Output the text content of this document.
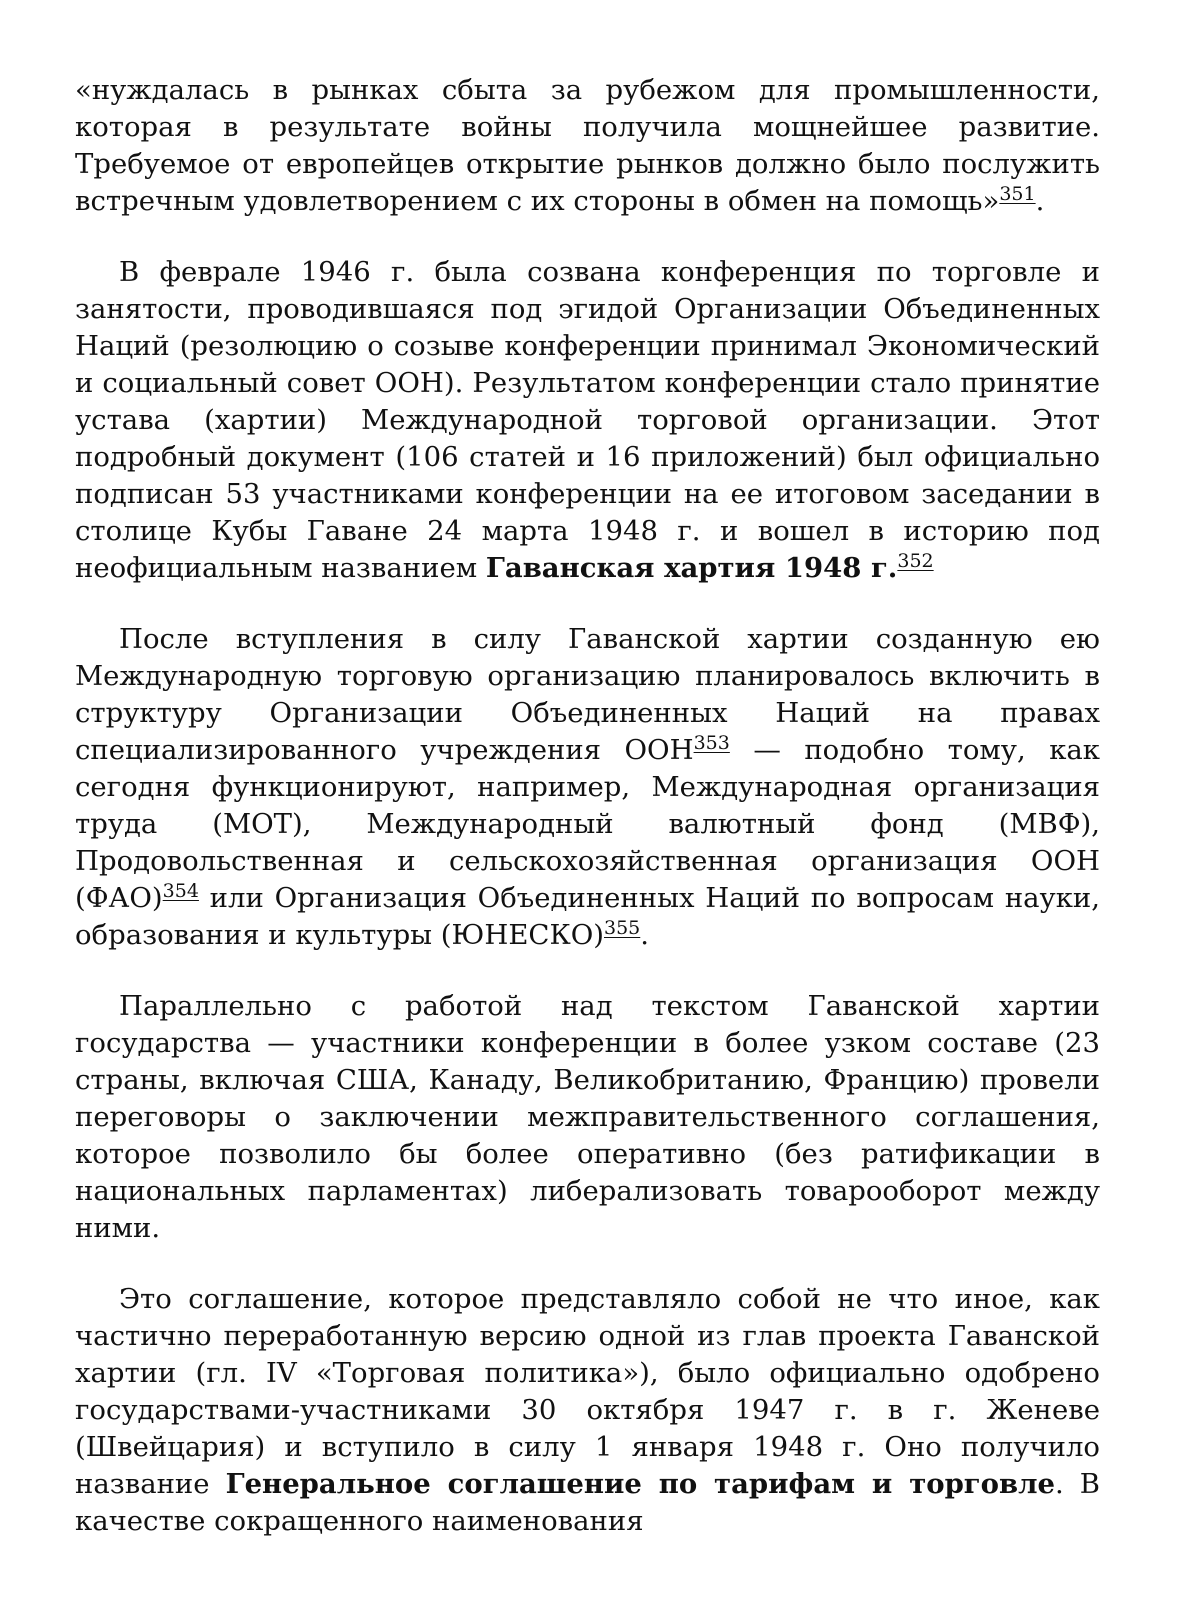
«нуждалась в рынках сбыта за рубежом для промышленности, которая в результате войны получила мощнейшее развитие. Требуемое от европейцев открытие рынков должно было послужить встречным удовлетворением с их стороны в обмен на помощь»$^{351}$.

В феврале 1946 г. была созвана конференция по торговле и занятости, проводившаяся под эгидой Организации Объединенных Наций (резолюцию о созыве конференции принимал Экономический и социальный совет ООН). Результатом конференции стало принятие устава (хартии) Международной торговой организации. Этот подробный документ (106 статей и 16 приложений) был официально подписан 53 участниками конференции на ее итоговом заседании в столице Кубы Гаване 24 марта 1948 г. и вошел в историю под неофициальным названием Гаванская хартия 1948 г.$^{352}$

После вступления в силу Гаванской хартии созданную ею Международную торговую организацию планировалось включить в структуру Организации Объединенных Наций на правах специализированного учреждения ООН$^{353}$ — подобно тому, как сегодня функционируют, например, Международная организация труда (МОТ), Международный валютный фонд (МВФ), Продовольственная и сельскохозяйственная организация ООН (ФАО)$^{354}$ или Организация Объединенных Наций по вопросам науки, образования и культуры (ЮНЕСКО)$^{355}$.

Параллельно с работой над текстом Гаванской хартии государства — участники конференции в более узком составе (23 страны, включая США, Канаду, Великобританию, Францию) провели переговоры о заключении межправительственного соглашения, которое позволило бы более оперативно (без ратификации в национальных парламентах) либерализовать товарооборот между ними.

Это соглашение, которое представляло собой не что иное, как частично переработанную версию одной из глав проекта Гаванской хартии (гл. IV «Торговая политика»), было официально одобрено государствами-участниками 30 октября 1947 г. в г. Женеве (Швейцария) и вступило в силу 1 января 1948 г. Оно получило название Генеральное соглашение по тарифам и торговле. В качестве сокращенного наименования
